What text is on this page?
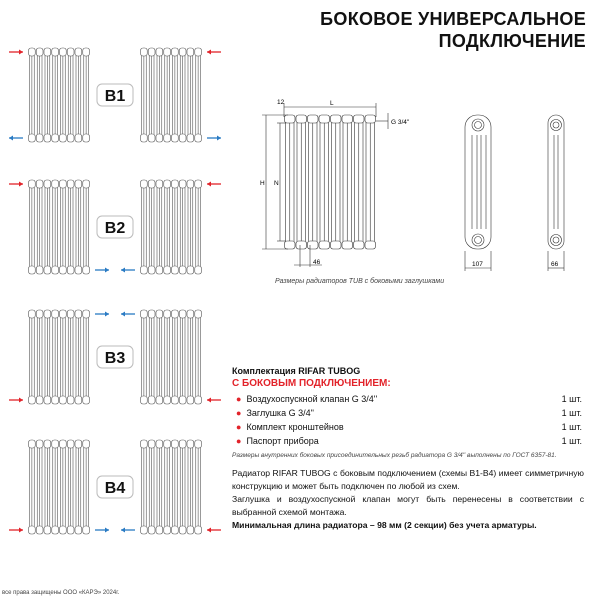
B1
B2
B3
B4
БОКОВОЕ УНИВЕРСАЛЬНОЕ
ПОДКЛЮЧЕНИЕ
12	L
G 3/4''
H N
46	107	66
Размеры радиаторов TUB с боковыми заглушками
Комплектация RIFAR TUBOG
С БОКОВЫМ ПОДКЛЮЧЕНИЕМ:
● Воздухоспускной клапан G 3/4''	1 шт.
● Заглушка G 3/4''	1 шт.
● Комплект кронштейнов	1 шт.
● Паспорт прибора	1 шт.
Размеры внутренних боковых присоединительных резьб радиатора G 3/4'' выполнены по ГОСТ 6357-81.

Радиатор RIFAR TUBOG с боковым подключением (схемы В1-В4) имеет симметричную конструкцию и может быть подключен по любой из схем.

Заглушка и воздухоспускной клапан могут быть перенесены в соответствии с выбранной схемой монтажа.

Минимальная длина радиатора – 98 мм (2 секции) без учета арматуры.

все права защищены ООО «КАРЭ» 2024г.
